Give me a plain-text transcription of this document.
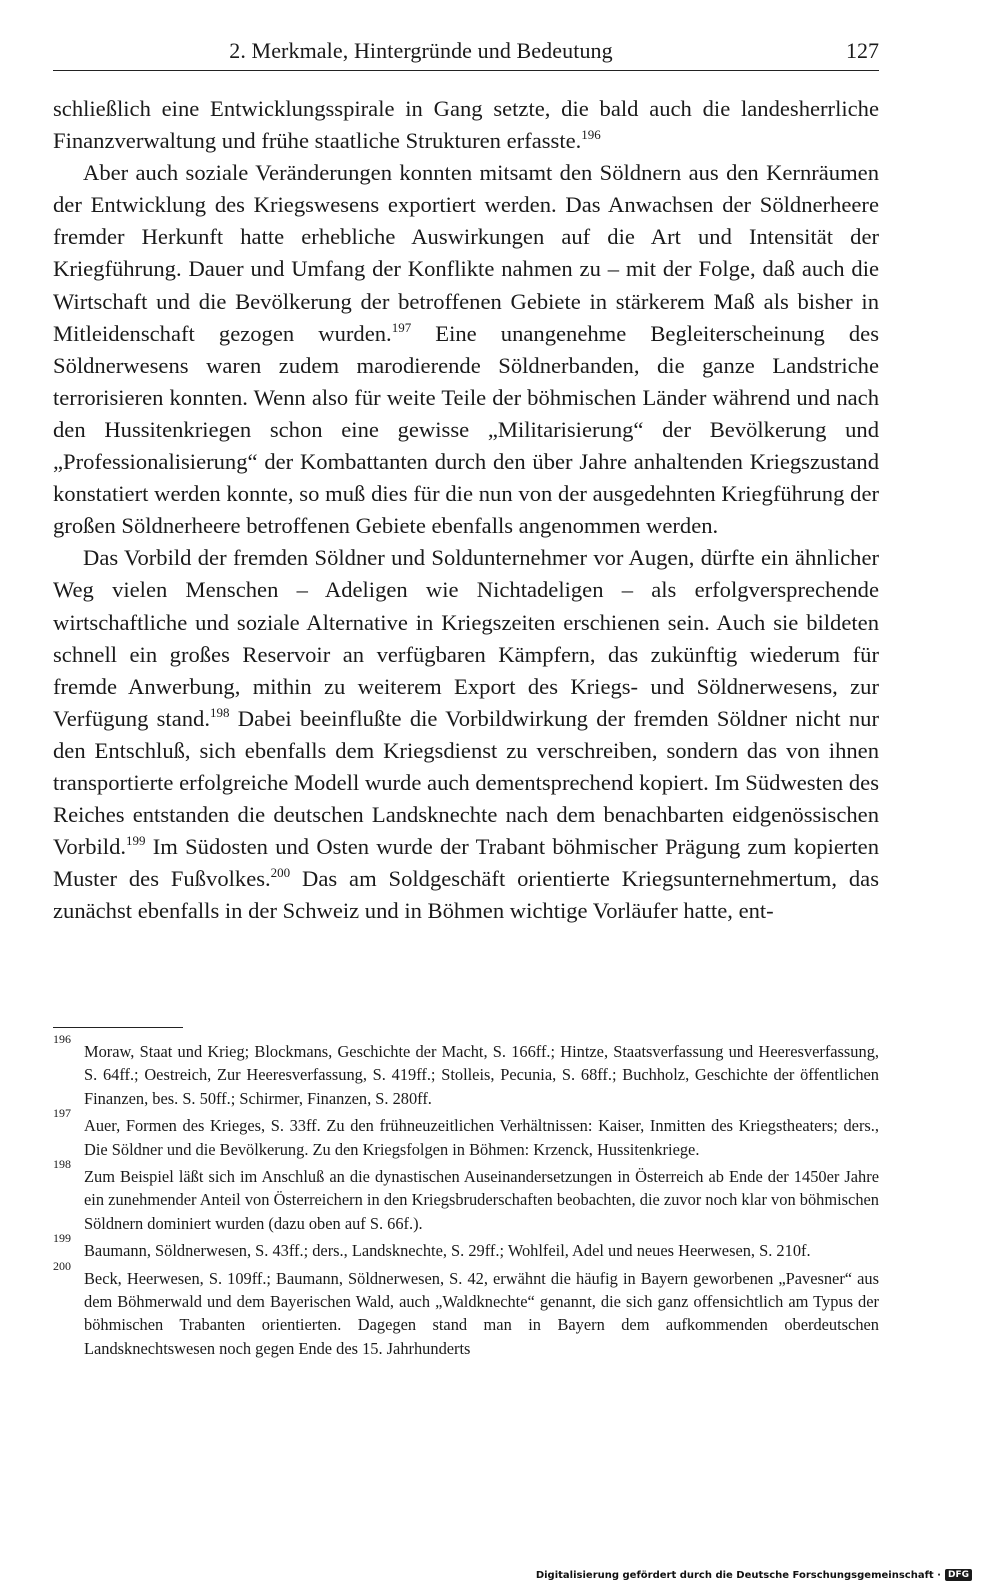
2. Merkmale, Hintergründe und Bedeutung	127

schließlich eine Entwicklungsspirale in Gang setzte, die bald auch die landesherrliche Finanzverwaltung und frühe staatliche Strukturen erfasste.$^{196}$

Aber auch soziale Veränderungen konnten mitsamt den Söldnern aus den Kernräumen der Entwicklung des Kriegswesens exportiert werden. Das Anwachsen der Söldnerheere fremder Herkunft hatte erhebliche Auswirkungen auf die Art und Intensität der Kriegführung. Dauer und Umfang der Konflikte nahmen zu – mit der Folge, daß auch die Wirtschaft und die Bevölkerung der betroffenen Gebiete in stärkerem Maß als bisher in Mitleidenschaft gezogen wurden.$^{197}$ Eine unangenehme Begleiterscheinung des Söldnerwesens waren zudem marodierende Söldnerbanden, die ganze Landstriche terrorisieren konnten. Wenn also für weite Teile der böhmischen Länder während und nach den Hussitenkriegen schon eine gewisse „Militarisierung“ der Bevölkerung und „Professionalisierung“ der Kombattanten durch den über Jahre anhaltenden Kriegszustand konstatiert werden konnte, so muß dies für die nun von der ausgedehnten Kriegführung der großen Söldnerheere betroffenen Gebiete ebenfalls angenommen werden.

Das Vorbild der fremden Söldner und Soldunternehmer vor Augen, dürfte ein ähnlicher Weg vielen Menschen – Adeligen wie Nichtadeligen – als erfolgversprechende wirtschaftliche und soziale Alternative in Kriegszeiten erschienen sein. Auch sie bildeten schnell ein großes Reservoir an verfügbaren Kämpfern, das zukünftig wiederum für fremde Anwerbung, mithin zu weiterem Export des Kriegs- und Söldnerwesens, zur Verfügung stand.$^{198}$ Dabei beeinflußte die Vorbildwirkung der fremden Söldner nicht nur den Entschluß, sich ebenfalls dem Kriegsdienst zu verschreiben, sondern das von ihnen transportierte erfolgreiche Modell wurde auch dementsprechend kopiert. Im Südwesten des Reiches entstanden die deutschen Landsknechte nach dem benachbarten eidgenössischen Vorbild.$^{199}$ Im Südosten und Osten wurde der Trabant böhmischer Prägung zum kopierten Muster des Fußvolkes.$^{200}$ Das am Soldgeschäft orientierte Kriegsunternehmertum, das zunächst ebenfalls in der Schweiz und in Böhmen wichtige Vorläufer hatte, ent-

196
Moraw, Staat und Krieg; Blockmans, Geschichte der Macht, S. 166ff.; Hintze, Staatsverfassung und Heeresverfassung, S. 64ff.; Oestreich, Zur Heeresverfassung, S. 419ff.; Stolleis, Pecunia, S. 68ff.; Buchholz, Geschichte der öffentlichen Finanzen, bes. S. 50ff.; Schirmer, Finanzen, S. 280ff.
197
Auer, Formen des Krieges, S. 33ff. Zu den frühneuzeitlichen Verhältnissen: Kaiser, Inmitten des Kriegstheaters; ders., Die Söldner und die Bevölkerung. Zu den Kriegsfolgen in Böhmen: Krzenck, Hussitenkriege.
198
Zum Beispiel läßt sich im Anschluß an die dynastischen Auseinandersetzungen in Österreich ab Ende der 1450er Jahre ein zunehmender Anteil von Österreichern in den Kriegsbruderschaften beobachten, die zuvor noch klar von böhmischen Söldnern dominiert wurden (dazu oben auf S. 66f.).
199
Baumann, Söldnerwesen, S. 43ff.; ders., Landsknechte, S. 29ff.; Wohlfeil, Adel und neues Heerwesen, S. 210f.
200
Beck, Heerwesen, S. 109ff.; Baumann, Söldnerwesen, S. 42, erwähnt die häufig in Bayern geworbenen „Pavesner“ aus dem Böhmerwald und dem Bayerischen Wald, auch „Waldknechte“ genannt, die sich ganz offensichtlich am Typus der böhmischen Trabanten orientierten. Dagegen stand man in Bayern dem aufkommenden oberdeutschen Landsknechtswesen noch gegen Ende des 15. Jahrhunderts
Digitalisierung gefördert durch die Deutsche Forschungsgemeinschaft · DFG
